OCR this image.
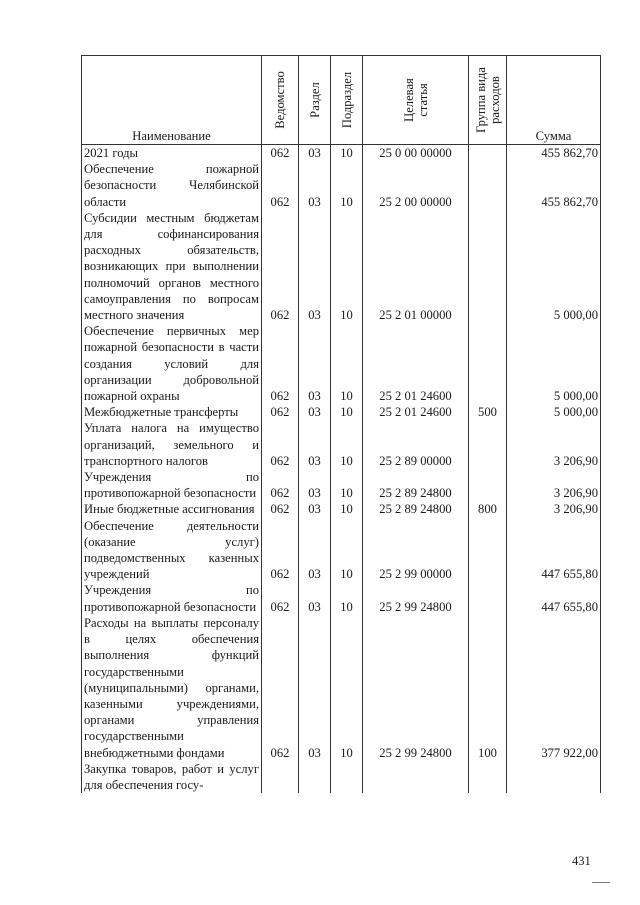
Наименование	Ведомство	Раздел	Подраздел	Целевая статья	Группа вида расходов	Сумма
2021 годы	062	03	10	25 0 00 00000		455 862,70
Обеспечение пожарной безопасности Челябинской области	062	03	10	25 2 00 00000		455 862,70
Субсидии местным бюджетам для софинансирования расходных обязательств, возникающих при выполнении полномочий органов местного самоуправления по вопросам местного значения	062	03	10	25 2 01 00000		5 000,00
Обеспечение первичных мер пожарной безопасности в части создания условий для организации добровольной пожарной охраны	062	03	10	25 2 01 24600		5 000,00
Межбюджетные трансферты	062	03	10	25 2 01 24600	500	5 000,00
Уплата налога на имущество организаций, земельного и транспортного налогов	062	03	10	25 2 89 00000		3 206,90
Учреждения по противопожарной безопасности	062	03	10	25 2 89 24800		3 206,90
Иные бюджетные ассигнования	062	03	10	25 2 89 24800	800	3 206,90
Обеспечение деятельности (оказание услуг) подведомственных казенных учреждений	062	03	10	25 2 99 00000		447 655,80
Учреждения по противопожарной безопасности	062	03	10	25 2 99 24800		447 655,80
Расходы на выплаты персоналу в целях обеспечения выполнения функций государственными (муниципальными) органами, казенными учреждениями, органами управления государственными внебюджетными фондами	062	03	10	25 2 99 24800	100	377 922,00
Закупка товаров, работ и услуг для обеспечения госу-						
431
